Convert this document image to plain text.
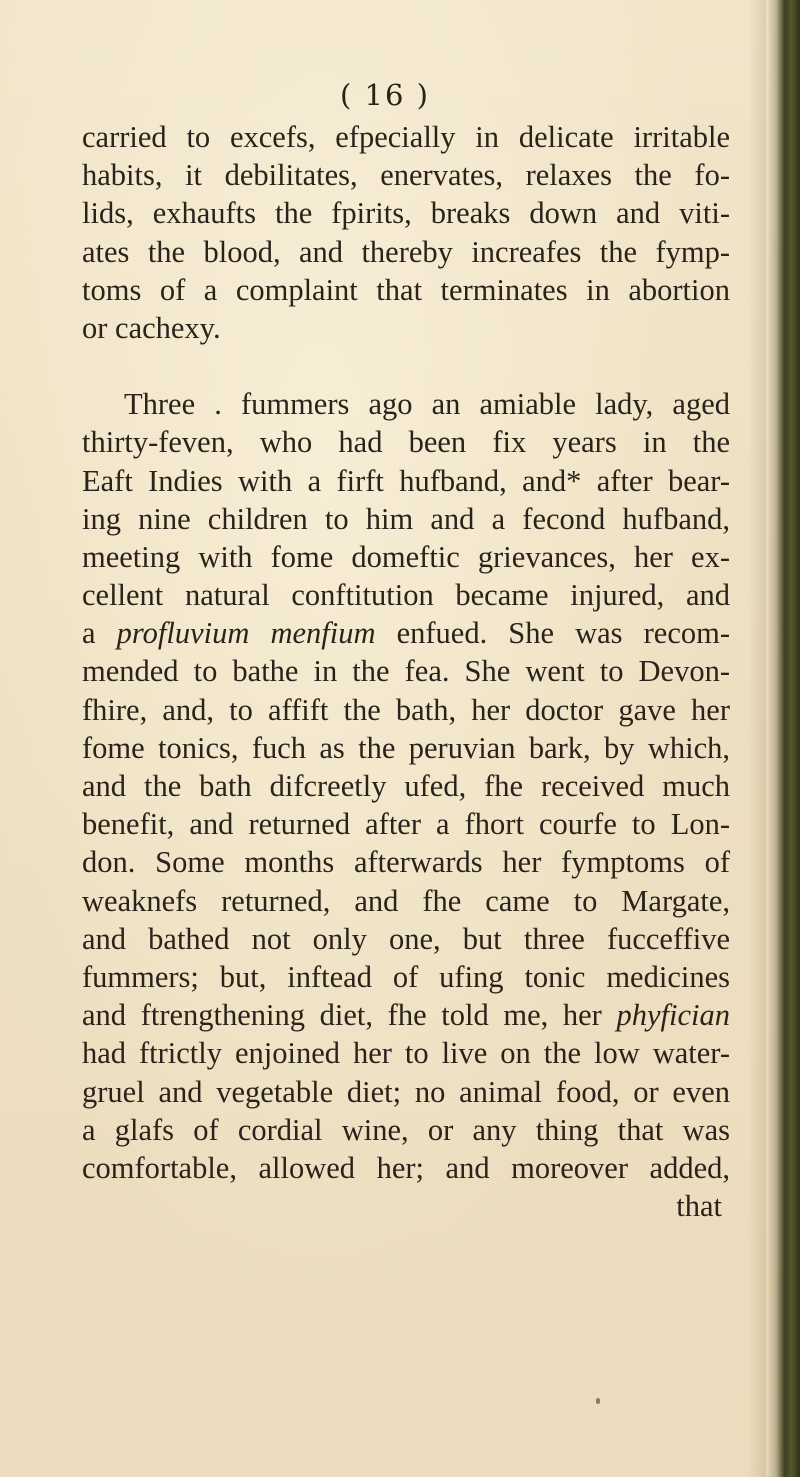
( 16 )
carried to excefs, efpecially in delicate irritable
habits, it debilitates, enervates, relaxes the fo-
lids, exhaufts the fpirits, breaks down and viti-
ates the blood, and thereby increafes the fymp-
toms of a complaint that terminates in abortion
or cachexy.
Three . fummers ago an amiable lady, aged
thirty-feven, who had been fix years in the
Eaft Indies with a firft hufband, and* after bear-
ing nine children to him and a fecond hufband,
meeting with fome domeftic grievances, her ex-
cellent natural conftitution became injured, and
a profluvium menfium enfued. She was recom-
mended to bathe in the fea. She went to Devon-
fhire, and, to affift the bath, her doctor gave her
fome tonics, fuch as the peruvian bark, by which,
and the bath difcreetly ufed, fhe received much
benefit, and returned after a fhort courfe to Lon-
don. Some months afterwards her fymptoms of
weaknefs returned, and fhe came to Margate,
and bathed not only one, but three fucceffive
fummers; but, inftead of ufing tonic medicines
and ftrengthening diet, fhe told me, her phyfician
had ftrictly enjoined her to live on the low water-
gruel and vegetable diet; no animal food, or even
a glafs of cordial wine, or any thing that was
comfortable, allowed her; and moreover added,
that
